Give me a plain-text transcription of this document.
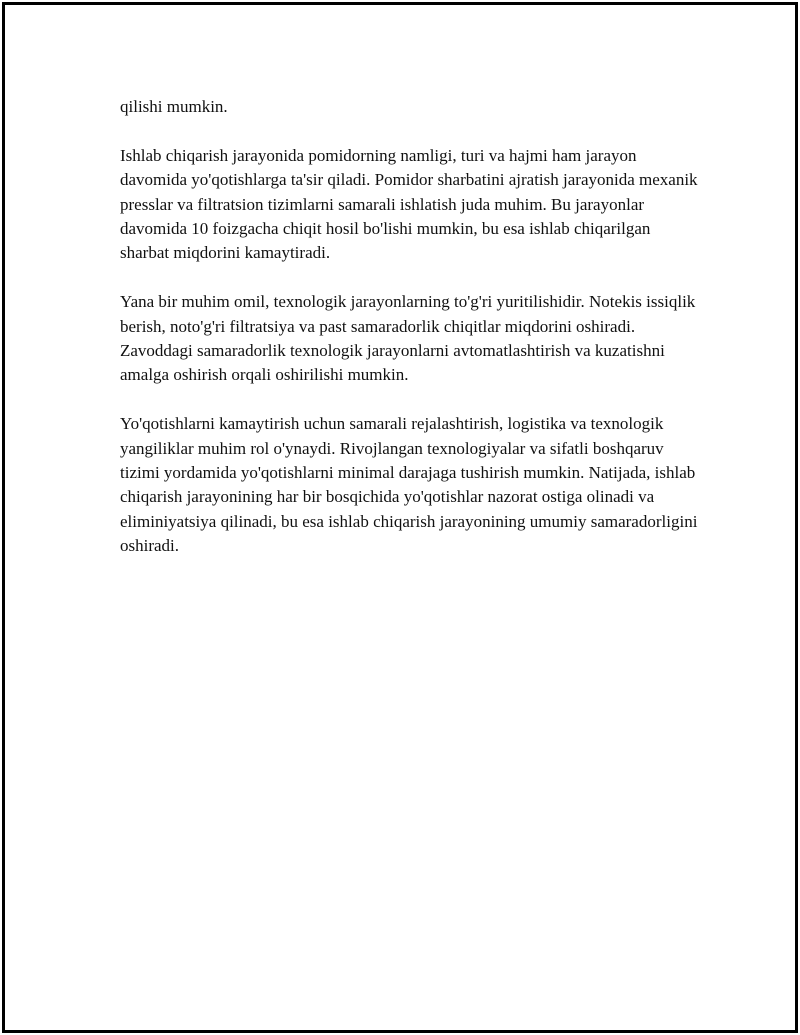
qilishi mumkin.

Ishlab chiqarish jarayonida pomidorning namligi, turi va hajmi ham jarayon davomida yo'qotishlarga ta'sir qiladi. Pomidor sharbatini ajratish jarayonida mexanik presslar va filtratsion tizimlarni samarali ishlatish juda muhim. Bu jarayonlar davomida 10 foizgacha chiqit hosil bo'lishi mumkin, bu esa ishlab chiqarilgan sharbat miqdorini kamaytiradi.

Yana bir muhim omil, texnologik jarayonlarning to'g'ri yuritilishidir. Notekis issiqlik berish, noto'g'ri filtratsiya va past samaradorlik chiqitlar miqdorini oshiradi. Zavoddagi samaradorlik texnologik jarayonlarni avtomatlashtirish va kuzatishni amalga oshirish orqali oshirilishi mumkin.

Yo'qotishlarni kamaytirish uchun samarali rejalashtirish, logistika va texnologik yangiliklar muhim rol o'ynaydi. Rivojlangan texnologiyalar va sifatli boshqaruv tizimi yordamida yo'qotishlarni minimal darajaga tushirish mumkin. Natijada, ishlab chiqarish jarayonining har bir bosqichida yo'qotishlar nazorat ostiga olinadi va eliminiyatsiya qilinadi, bu esa ishlab chiqarish jarayonining umumiy samaradorligini oshiradi.
